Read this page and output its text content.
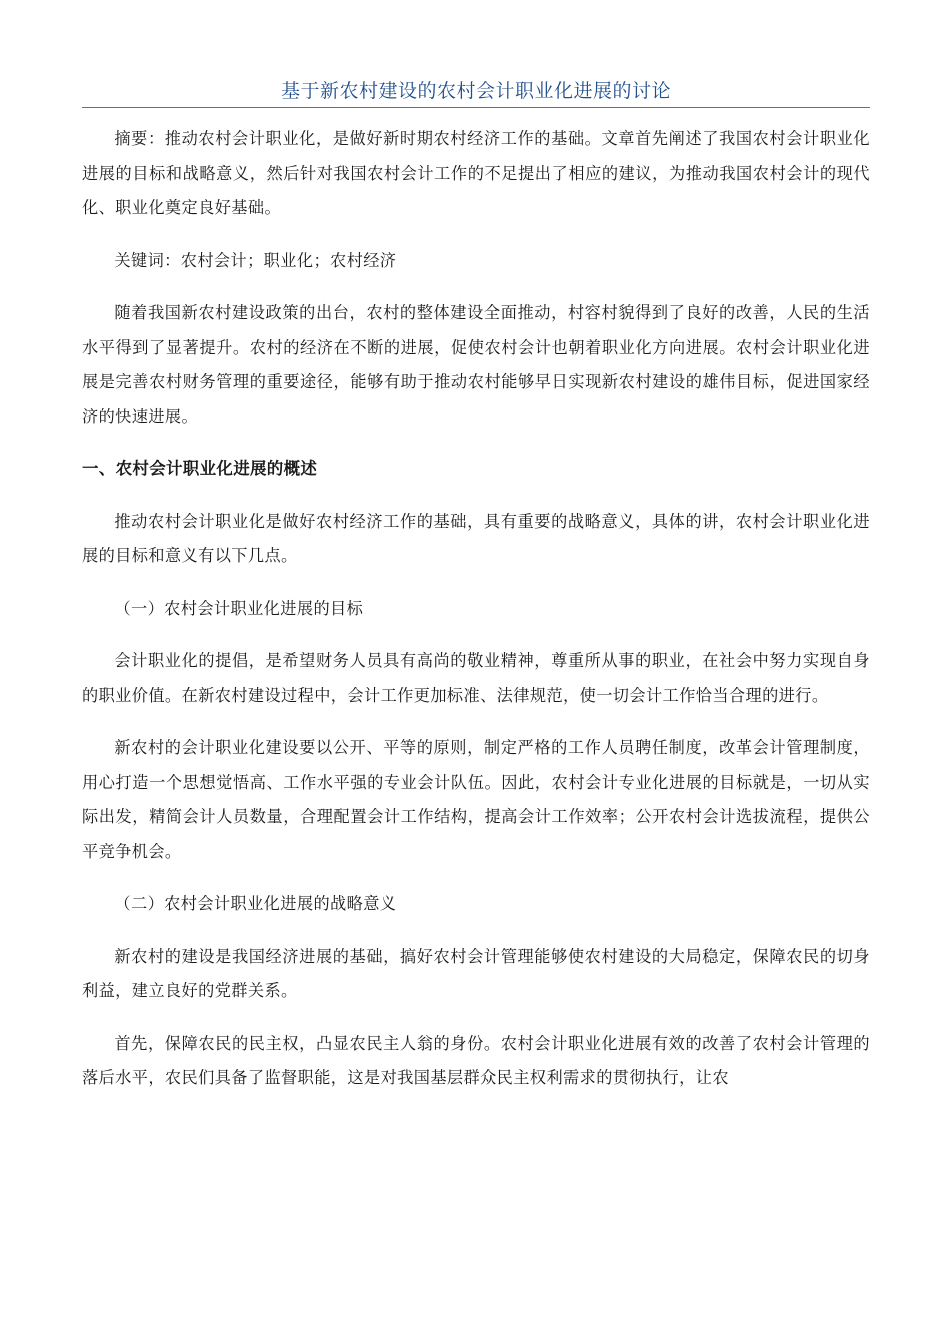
基于新农村建设的农村会计职业化进展的讨论

摘要：推动农村会计职业化，是做好新时期农村经济工作的基础。文章首先阐述了我国农村会计职业化进展的目标和战略意义，然后针对我国农村会计工作的不足提出了相应的建议，为推动我国农村会计的现代化、职业化奠定良好基础。

关键词：农村会计；职业化；农村经济

随着我国新农村建设政策的出台，农村的整体建设全面推动，村容村貌得到了良好的改善，人民的生活水平得到了显著提升。农村的经济在不断的进展，促使农村会计也朝着职业化方向进展。农村会计职业化进展是完善农村财务管理的重要途径，能够有助于推动农村能够早日实现新农村建设的雄伟目标，促进国家经济的快速进展。

一、农村会计职业化进展的概述

推动农村会计职业化是做好农村经济工作的基础，具有重要的战略意义，具体的讲，农村会计职业化进展的目标和意义有以下几点。

（一）农村会计职业化进展的目标

会计职业化的提倡，是希望财务人员具有高尚的敬业精神，尊重所从事的职业，在社会中努力实现自身的职业价值。在新农村建设过程中，会计工作更加标准、法律规范，使一切会计工作恰当合理的进行。

新农村的会计职业化建设要以公开、平等的原则，制定严格的工作人员聘任制度，改革会计管理制度，用心打造一个思想觉悟高、工作水平强的专业会计队伍。因此，农村会计专业化进展的目标就是，一切从实际出发，精简会计人员数量，合理配置会计工作结构，提高会计工作效率；公开农村会计选拔流程，提供公平竞争机会。

（二）农村会计职业化进展的战略意义

新农村的建设是我国经济进展的基础，搞好农村会计管理能够使农村建设的大局稳定，保障农民的切身利益，建立良好的党群关系。

首先，保障农民的民主权，凸显农民主人翁的身份。农村会计职业化进展有效的改善了农村会计管理的落后水平，农民们具备了监督职能，这是对我国基层群众民主权利需求的贯彻执行，让农
